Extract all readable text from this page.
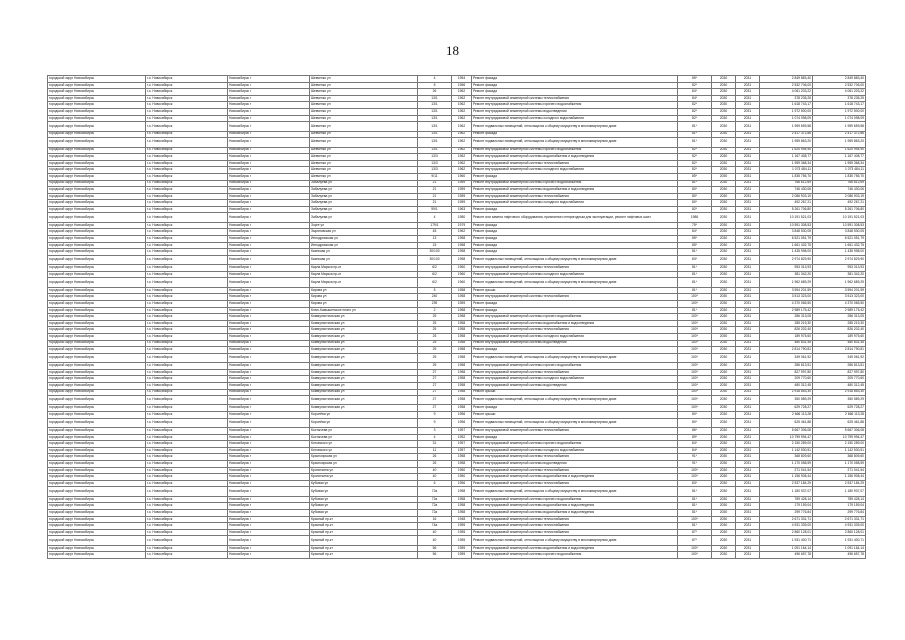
18
городской округ Новосибирск	г.о. Новосибирск	Новосибирск г	Шевченко ул	4	1954	Ремонт фасада	85*	2030	2031	2 849 883,40	2 849 883,40
городской округ Новосибирск	г.о. Новосибирск	Новосибирск г	Шевченко ул	5	1956	Ремонт фасада	82*	2030	2031	2 532 706,00	2 532 706,00
городской округ Новосибирск	г.о. Новосибирск	Новосибирск г	Шевченко ул	26	1962	Ремонт фасада	84*	2030	2031	4 061 203,22	4 061 203,22
городской округ Новосибирск	г.о. Новосибирск	Новосибирск г	Шевченко ул	13/1	1962	Ремонт внутридомовой инженерной системы теплоснабжения	84*	2030	2031	378 235,25	378 235,25
городской округ Новосибирск	г.о. Новосибирск	Новосибирск г	Шевченко ул	13/1	1962	Ремонт внутридомовой инженерной системы горячего водоснабжения	82*	2030	2031	1 618 743,17	1 618 743,17
городской округ Новосибирск	г.о. Новосибирск	Новосибирск г	Шевченко ул	13/1	1962	Ремонт внутридомовой инженерной системы водоотведения	82*	2030	2031	1 972 500,00	1 972 500,00
городской округ Новосибирск	г.о. Новосибирск	Новосибирск г	Шевченко ул	13/1	1962	Ремонт внутридомовой инженерной системы холодного водоснабжения	82*	2030	2031	1 074 098,09	1 074 098,09
городской округ Новосибирск	г.о. Новосибирск	Новосибирск г	Шевченко ул	13/1	1962	Ремонт подвальных помещений, относящихся к общему имуществу в многоквартирном доме	81*	2030	2031	1 959 659,58	1 959 659,58
городской округ Новосибирск	г.о. Новосибирск	Новосибирск г	Шевченко ул	13/1	1962	Ремонт фасада	81*	2030	2031	2 417 372,86	2 417 372,86
городской округ Новосибирск	г.о. Новосибирск	Новосибирск г	Шевченко ул	13/1	1962	Ремонт подвальных помещений, относящихся к общему имуществу в многоквартирном доме	81*	2030	2031	1 959 863,20	1 959 863,20
городской округ Новосибирск	г.о. Новосибирск	Новосибирск г	Шевченко ул	13/1	1962	Ремонт внутридомовой инженерной системы горячего водоснабжения	82*	2030	2031	1 620 994,90	1 620 994,90
городской округ Новосибирск	г.о. Новосибирск	Новосибирск г	Шевченко ул	13/3	1962	Ремонт внутридомовой инженерной системы водоснабжения и водоотведения	82*	2030	2031	1 167 408,77	1 167 408,77
городской округ Новосибирск	г.о. Новосибирск	Новосибирск г	Шевченко ул	13/3	1962	Ремонт внутридомовой инженерной системы теплоснабжения	82*	2030	2031	1 959 368,34	1 959 368,34
городской округ Новосибирск	г.о. Новосибирск	Новосибирск г	Шевченко ул	13/3	1962	Ремонт внутридомовой инженерной системы холодного водоснабжения	82*	2030	2031	1 073 484,11	1 073 484,11
городской округ Новосибирск	г.о. Новосибирск	Новосибирск г	Шевченко ул	9/11	1960	Ремонт фасада	85*	2030	2031	1 835 756,70	1 835 756,70
городской округ Новосибирск	г.о. Новосибирск	Новосибирск г	Забалуева ул	21	1959	Ремонт внутридомовой инженерной системы горячего водоснабжения	81*	2030	2031	766 612,69	766 612,69
городской округ Новосибирск	г.о. Новосибирск	Новосибирск г	Забалуева ул	21	1959	Ремонт внутридомовой инженерной системы водоснабжения и водоотведения	80*	2030	2031	746 430,06	746 430,06
городской округ Новосибирск	г.о. Новосибирск	Новосибирск г	Забалуева ул	21	1959	Ремонт внутридомовой инженерной системы теплоснабжения	80*	2030	2031	2 086 903,19	2 086 903,19
городской округ Новосибирск	г.о. Новосибирск	Новосибирск г	Забалуева ул	21	1959	Ремонт внутридомовой инженерной системы холодного водоснабжения	80*	2030	2031	492 267,21	492 267,21
городской округ Новосибирск	г.о. Новосибирск	Новосибирск г	Забалуева ул	59/1	1963	Ремонт фасада	82*	2030	2031	5 261 706,80	5 261 706,80
городской округ Новосибирск	г.о. Новосибирск	Новосибирск г	Забалуева ул	4	1980	Ремонт или замена лифтового оборудования, признанного непригодным для эксплуатации, ремонт лифтовых шахт	1986	2030	2031	10 191 521,03	10 191 521,03
городской округ Новосибирск	г.о. Новосибирск	Новосибирск г	Зорге ул	179/1	1979	Ремонт фасада	75*	2030	2031	10 591 308,53	10 591 308,53
городской округ Новосибирск	г.о. Новосибирск	Новосибирск г	Зыряновская ул	45	1962	Ремонт фасада	84*	2030	2031	3 848 530,05	3 848 530,05
городской округ Новосибирск	г.о. Новосибирск	Новосибирск г	Ипподромская ул	13	1958	Ремонт фасада	85*	2030	2031	6 521 051,79	6 521 051,79
городской округ Новосибирск	г.о. Новосибирск	Новосибирск г	Ипподромская ул	15	1958	Ремонт фасада	85*	2030	2031	1 661 432,75	1 661 432,75
городской округ Новосибирск	г.о. Новосибирск	Новосибирск г	Каинская ул	30/100	1958	Ремонт фасада	81*	2030	2031	1 435 998,00	1 435 998,00
городской округ Новосибирск	г.о. Новосибирск	Новосибирск г	Каинская ул	30/100	1958	Ремонт подвальных помещений, относящихся к общему имуществу в многоквартирном доме	83*	2030	2031	2 974 829,90	2 974 829,90
городской округ Новосибирск	г.о. Новосибирск	Новосибирск г	Карла Маркса пр-кт	6/2	1960	Ремонт внутридомовой инженерной системы теплоснабжения	81*	2030	2031	953 313,93	953 313,93
городской округ Новосибирск	г.о. Новосибирск	Новосибирск г	Карла Маркса пр-кт	6/2	1960	Ремонт внутридомовой инженерной системы холодного водоснабжения	81*	2030	2031	381 342,20	381 342,20
городской округ Новосибирск	г.о. Новосибирск	Новосибирск г	Карла Маркса пр-кт	6/2	1960	Ремонт подвальных помещений, относящихся к общему имуществу в многоквартирном доме	81*	2030	2031	1 962 689,29	1 962 689,29
городской округ Новосибирск	г.о. Новосибирск	Новосибирск г	Кирова ул	5	1958	Ремонт крыши	81*	2030	2031	3 594 201,59	3 594 201,59
городской округ Новосибирск	г.о. Новосибирск	Новосибирск г	Кирова ул	240	1958	Ремонт внутридомовой инженерной системы теплоснабжения	100*	2030	2031	3 513 323,00	3 513 323,00
городской округ Новосибирск	г.о. Новосибирск	Новосибирск г	Кирова ул	239	1959	Ремонт фасада	100*	2030	2031	4 370 065,50	4 370 065,50
городской округ Новосибирск	г.о. Новосибирск	Новосибирск г	Ключ-Камышенское плато ул	2	1958	Ремонт фасада	81*	2030	2031	2 989 175,42	2 989 175,42
городской округ Новосибирск	г.о. Новосибирск	Новосибирск г	Коммунистическая ул	25	1958	Ремонт внутридомовой инженерной системы горячего водоснабжения	100*	2030	2031	286 313,05	286 313,05
городской округ Новосибирск	г.о. Новосибирск	Новосибирск г	Коммунистическая ул	25	1958	Ремонт внутридомовой инженерной системы водоснабжения и водоотведения	100*	2030	2031	285 219,30	285 219,30
городской округ Новосибирск	г.о. Новосибирск	Новосибирск г	Коммунистическая ул	25	1958	Ремонт внутридомовой инженерной системы теплоснабжения	100*	2030	2031	826 202,40	826 202,40
городской округ Новосибирск	г.о. Новосибирск	Новосибирск г	Коммунистическая ул	25	1958	Ремонт внутридомовой инженерной системы холодного водоснабжения	100*	2030	2031	189 975,60	189 975,60
городской округ Новосибирск	г.о. Новосибирск	Новосибирск г	Коммунистическая ул	25	1958	Ремонт внутридомовой инженерной системы водоотведения	100*	2030	2031	480 831,45	480 831,45
городской округ Новосибирск	г.о. Новосибирск	Новосибирск г	Коммунистическая ул	25	1958	Ремонт фасада	100*	2030	2031	2 814 790,81	2 814 790,81
городской округ Новосибирск	г.о. Новосибирск	Новосибирск г	Коммунистическая ул	25	1958	Ремонт подвальных помещений, относящихся к общему имуществу в многоквартирном доме	100*	2030	2031	349 061,92	349 061,92
городской округ Новосибирск	г.о. Новосибирск	Новосибирск г	Коммунистическая ул	25	1958	Ремонт внутридомовой инженерной системы горячего водоснабжения	100*	2030	2031	286 813,51	286 813,51
городской округ Новосибирск	г.о. Новосибирск	Новосибирск г	Коммунистическая ул	27	1958	Ремонт внутридомовой инженерной системы теплоснабжения	100*	2030	2031	827 997,80	827 997,80
городской округ Новосибирск	г.о. Новосибирск	Новосибирск г	Коммунистическая ул	27	1958	Ремонт внутридомовой инженерной системы холодного водоснабжения	100*	2030	2031	209 770,60	209 770,60
городской округ Новосибирск	г.о. Новосибирск	Новосибирск г	Коммунистическая ул	27	1958	Ремонт внутридомовой инженерной системы водоотведения	100*	2030	2031	480 312,45	480 312,45
городской округ Новосибирск	г.о. Новосибирск	Новосибирск г	Коммунистическая ул	27	1958	Ремонт крыши	100*	2030	2031	2 918 853,30	2 918 853,30
городской округ Новосибирск	г.о. Новосибирск	Новосибирск г	Коммунистическая ул	27	1958	Ремонт подвальных помещений, относящихся к общему имуществу в многоквартирном доме	100*	2030	2031	350 589,29	350 589,29
городской округ Новосибирск	г.о. Новосибирск	Новосибирск г	Коммунистическая ул	27	1958	Ремонт фасада	100*	2030	2031	629 728,27	629 728,27
городской округ Новосибирск	г.о. Новосибирск	Новосибирск г	Королёва ул	9	1956	Ремонт крыши	80*	2030	2031	2 666 113,28	2 666 113,28
городской округ Новосибирск	г.о. Новосибирск	Новосибирск г	Королёва ул	9	1956	Ремонт подвальных помещений, относящихся к общему имуществу в многоквартирном доме	80*	2030	2031	625 461,88	625 461,88
городской округ Новосибирск	г.о. Новосибирск	Новосибирск г	Костычева ул	3	1957	Ремонт внутридомовой инженерной системы теплоснабжения	86*	2030	2031	5 667 306,08	5 667 306,08
городской округ Новосибирск	г.о. Новосибирск	Новосибирск г	Костычева ул	4	1952	Ремонт фасада	89*	2030	2031	10 799 994,47	10 799 994,47
городской округ Новосибирск	г.о. Новосибирск	Новосибирск г	Котовского ул	31	1957	Ремонт внутридомовой инженерной системы горячего водоснабжения	84*	2030	2031	2 150 289,00	2 150 289,00
городской округ Новосибирск	г.о. Новосибирск	Новосибирск г	Котовского ул	11	1957	Ремонт внутридомовой инженерной системы холодного водоснабжения	84*	2030	2031	1 142 530,51	1 142 530,51
городской округ Новосибирск	г.о. Новосибирск	Новосибирск г	Красноярская ул	26	1958	Ремонт внутридомовой инженерной системы теплоснабжения	91*	2030	2031	368 809,60	368 809,60
городской округ Новосибирск	г.о. Новосибирск	Новосибирск г	Красноярская ул	26	1958	Ремонт внутридомовой инженерной системы водоотведения	91*	2030	2031	1 170 058,59	1 170 058,59
городской округ Новосибирск	г.о. Новосибирск	Новосибирск г	Кропоткина ул	40	1950	Ремонт внутридомовой инженерной системы теплоснабжения	100*	2030	2031	271 041,54	271 041,54
городской округ Новосибирск	г.о. Новосибирск	Новосибирск г	Кропоткина ул	40	1950	Ремонт внутридомовой инженерной системы водоснабжения и водоотведения	100*	2030	2031	1 156 908,44	1 156 908,44
городской округ Новосибирск	г.о. Новосибирск	Новосибирск г	Кубовая ул	6	1956	Ремонт внутридомовой инженерной системы теплоснабжения	83*	2030	2031	2 537 184,29	2 537 184,29
городской округ Новосибирск	г.о. Новосибирск	Новосибирск г	Кубовая ул	72а	1958	Ремонт подвальных помещений, относящихся к общему имуществу в многоквартирном доме	81*	2030	2031	1 180 937,07	1 180 937,07
городской округ Новосибирск	г.о. Новосибирск	Новосибирск г	Кубовая ул	72а	1958	Ремонт внутридомовой инженерной системы горячего водоснабжения	81*	2030	2031	789 428,14	789 428,14
городской округ Новосибирск	г.о. Новосибирск	Новосибирск г	Кубовая ул	72а	1958	Ремонт внутридомовой инженерной системы водоснабжения и водоотведения	81*	2030	2031	179 159,04	179 159,04
городской округ Новосибирск	г.о. Новосибирск	Новосибирск г	Кубовая ул	72а	1958	Ремонт внутридомовой инженерной системы водоснабжения и водоотведения	81*	2030	2031	299 776,84	299 776,84
городской округ Новосибирск	г.о. Новосибирск	Новосибирск г	Красный пр-кт	16	1948	Ремонт внутридомовой инженерной системы теплоснабжения	100*	2030	2031	2 671 331,71	2 671 331,71
городской округ Новосибирск	г.о. Новосибирск	Новосибирск г	Красный пр-кт	74а	1955	Ремонт внутридомовой инженерной системы теплоснабжения	81*	2030	2031	4 931 339,00	4 931 339,00
городской округ Новосибирск	г.о. Новосибирск	Новосибирск г	Красный пр-кт	40	1955	Ремонт внутридомовой инженерной системы теплоснабжения	87*	2030	2031	2 860 128,01	2 860 128,01
городской округ Новосибирск	г.о. Новосибирск	Новосибирск г	Красный пр-кт	40	1955	Ремонт подвальных помещений, относящихся к общему имуществу в многоквартирном доме	87*	2030	2031	1 931 400,71	1 931 400,71
городской округ Новосибирск	г.о. Новосибирск	Новосибирск г	Красный пр-кт	56	1959	Ремонт внутридомовой инженерной системы водоснабжения и водоотведения	100*	2030	2031	1 091 164,14	1 091 164,14
городской округ Новосибирск	г.о. Новосибирск	Новосибирск г	Красный пр-кт	56	1959	Ремонт внутридомовой инженерной системы горячего водоснабжения	100*	2030	2031	496 657,78	496 657,78
